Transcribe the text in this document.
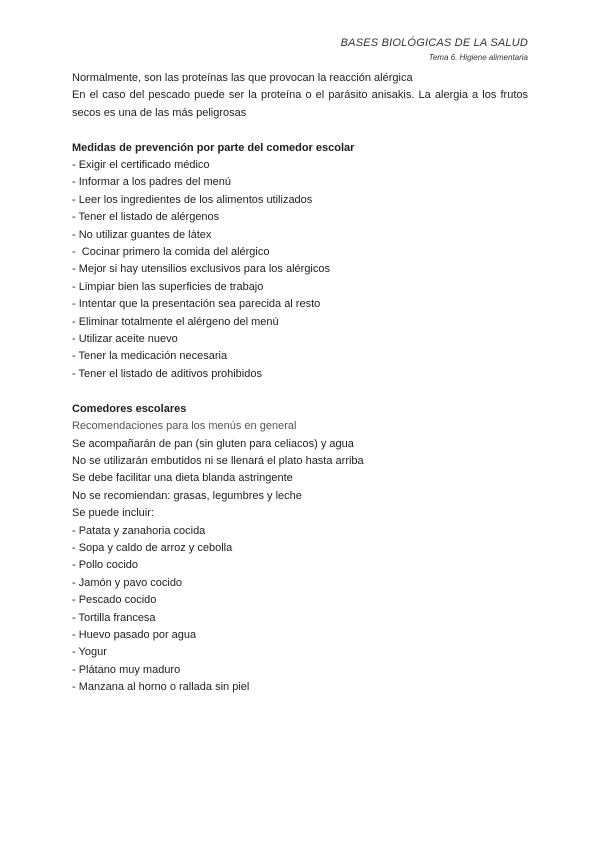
BASES BIOLÓGICAS DE LA SALUD
Tema 6. Higiene alimentaria
Normalmente, son las proteínas las que provocan la reacción alérgica
En el caso del pescado puede ser la proteína o el parásito anisakis. La alergia a los frutos
secos es una de las más peligrosas
Medidas de prevención por parte del comedor escolar
- Exigir el certificado médico
- Informar a los padres del menú
- Leer los ingredientes de los alimentos utilizados
- Tener el listado de alérgenos
- No utilizar guantes de látex
-  Cocinar primero la comida del alérgico
- Mejor si hay utensilios exclusivos para los alérgicos
- Limpiar bien las superficies de trabajo
- Intentar que la presentación sea parecida al resto
- Eliminar totalmente el alérgeno del menú
- Utilizar aceite nuevo
- Tener la medicación necesaria
- Tener el listado de aditivos prohibidos
Comedores escolares
Recomendaciones para los menús en general
Se acompañarán de pan (sin gluten para celiacos) y agua
No se utilizarán embutidos ni se llenará el plato hasta arriba
Se debe facilitar una dieta blanda astringente
No se recomiendan: grasas, legumbres y leche
Se puede incluir:
- Patata y zanahoria cocida
- Sopa y caldo de arroz y cebolla
- Pollo cocido
- Jamón y pavo cocido
- Pescado cocido
- Tortilla francesa
- Huevo pasado por agua
- Yogur
- Plátano muy maduro
- Manzana al horno o rallada sin piel
